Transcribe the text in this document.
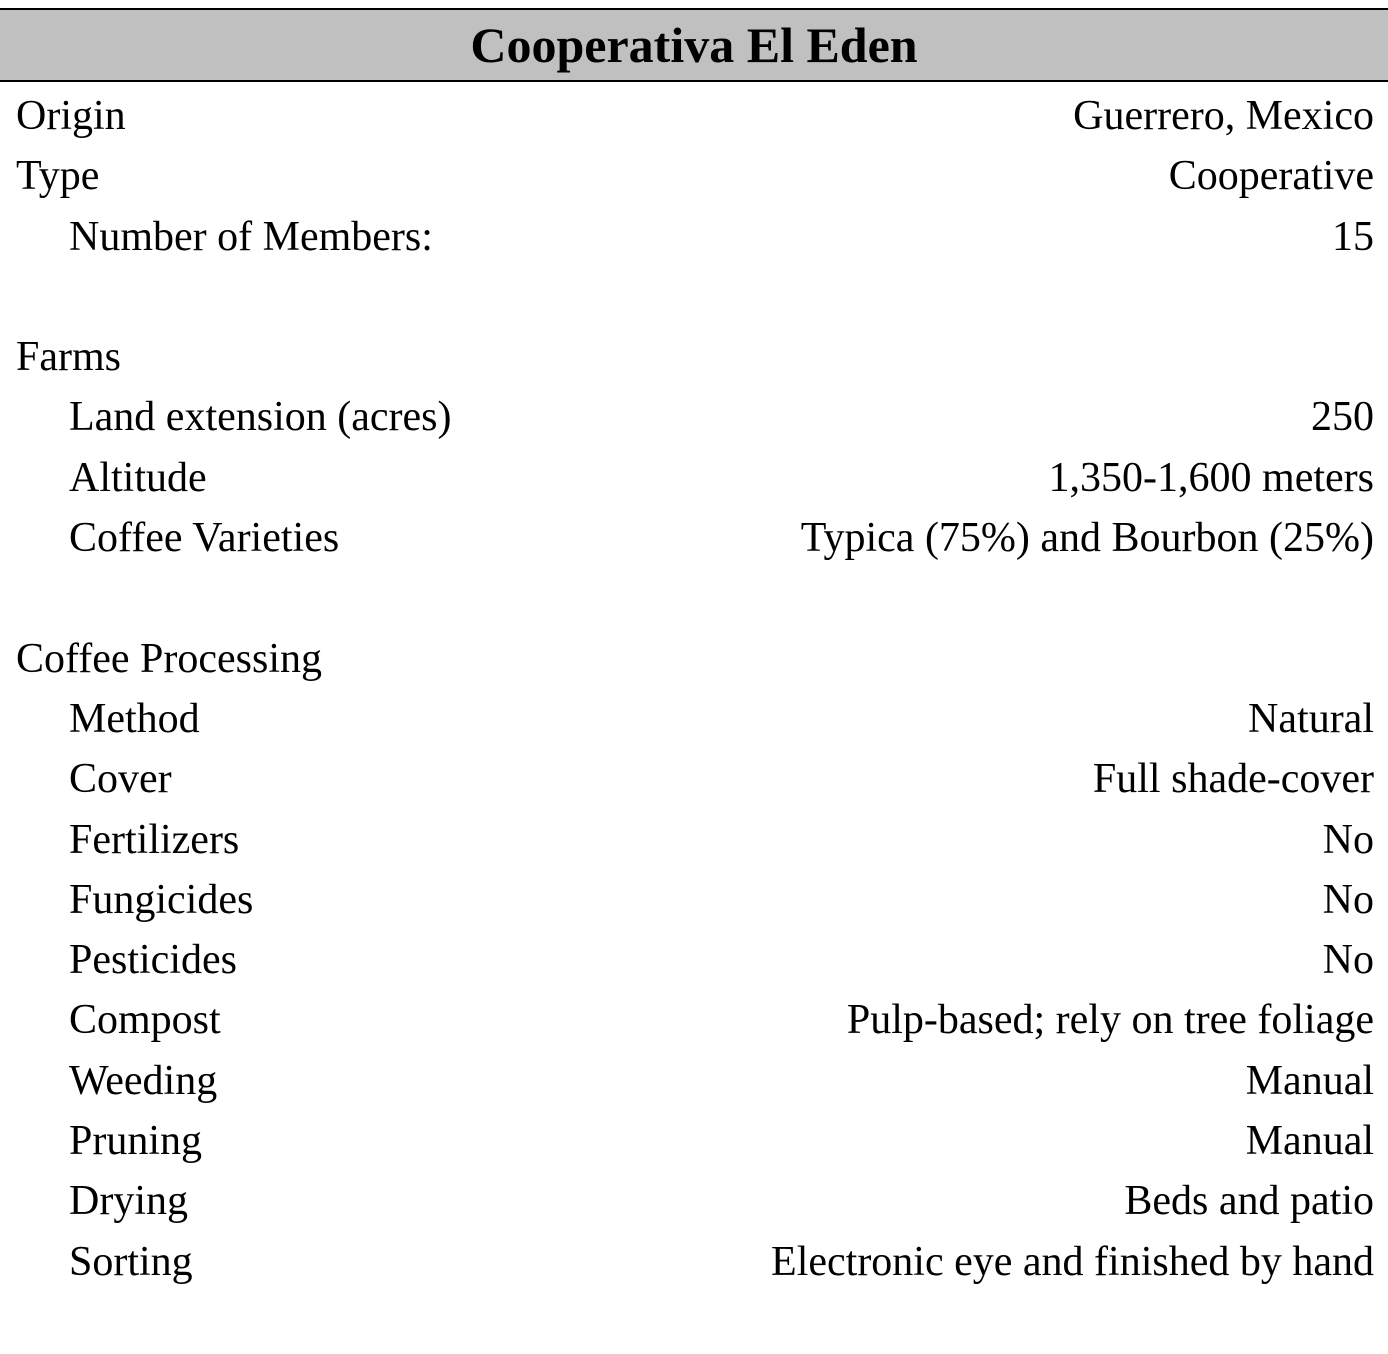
Cooperativa El Eden
Origin	Guerrero, Mexico
Type	Cooperative
Number of Members:	15
Farms
Land extension (acres)	250
Altitude	1,350-1,600 meters
Coffee Varieties	Typica (75%) and Bourbon (25%)
Coffee Processing
Method	Natural
Cover	Full shade-cover
Fertilizers	No
Fungicides	No
Pesticides	No
Compost	Pulp-based; rely on tree foliage
Weeding	Manual
Pruning	Manual
Drying	Beds and patio
Sorting	Electronic eye and finished by hand
